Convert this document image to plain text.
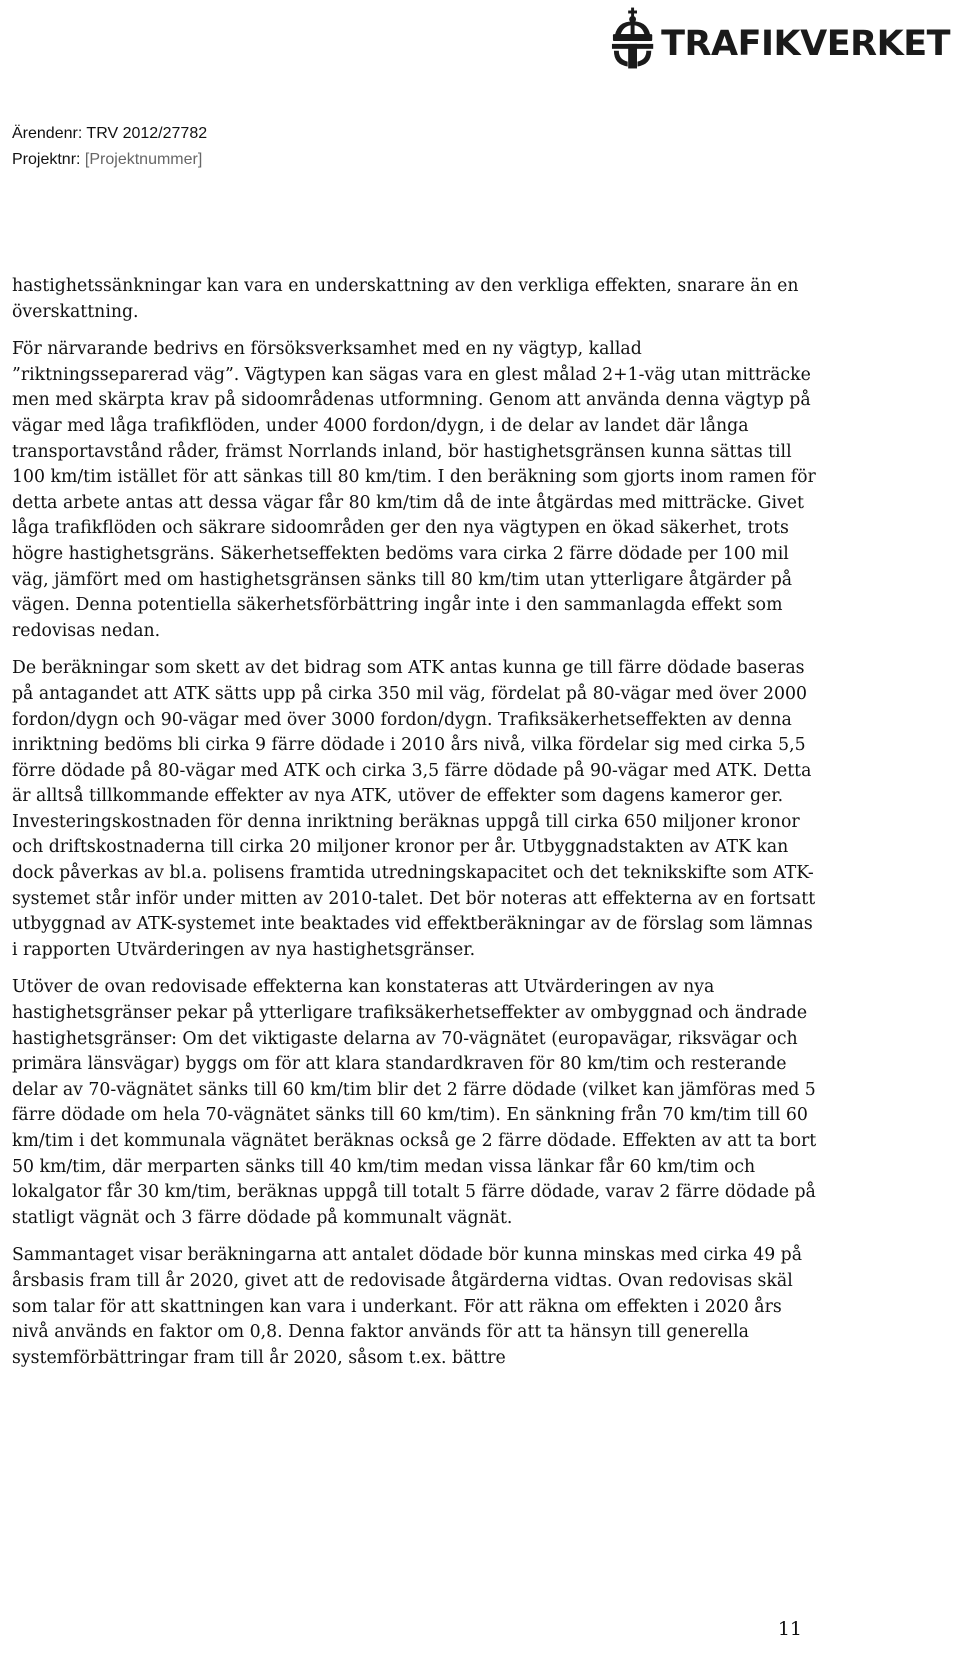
TRAFIKVERKET
Ärendenr: TRV 2012/27782
Projektnr: [Projektnummer]

hastighetssänkningar kan vara en underskattning av den verkliga effekten, snarare än en överskattning.

För närvarande bedrivs en försöksverksamhet med en ny vägtyp, kallad ”riktningsseparerad väg”. Vägtypen kan sägas vara en glest målad 2+1-väg utan mitträcke men med skärpta krav på sidoområdenas utformning. Genom att använda denna vägtyp på vägar med låga trafikflöden, under 4000 fordon/dygn, i de delar av landet där långa transportavstånd råder, främst Norrlands inland, bör hastighetsgränsen kunna sättas till 100 km/tim istället för att sänkas till 80 km/tim. I den beräkning som gjorts inom ramen för detta arbete antas att dessa vägar får 80 km/tim då de inte åtgärdas med mitträcke. Givet låga trafikflöden och säkrare sidoområden ger den nya vägtypen en ökad säkerhet, trots högre hastighetsgräns. Säkerhetseffekten bedöms vara cirka 2 färre dödade per 100 mil väg, jämfört med om hastighetsgränsen sänks till 80 km/tim utan ytterligare åtgärder på vägen. Denna potentiella säkerhetsförbättring ingår inte i den sammanlagda effekt som redovisas nedan.

De beräkningar som skett av det bidrag som ATK antas kunna ge till färre dödade baseras på antagandet att ATK sätts upp på cirka 350 mil väg, fördelat på 80-vägar med över 2000 fordon/dygn och 90-vägar med över 3000 fordon/dygn. Trafiksäkerhetseffekten av denna inriktning bedöms bli cirka 9 färre dödade i 2010 års nivå, vilka fördelar sig med cirka 5,5 förre dödade på 80-vägar med ATK och cirka 3,5 färre dödade på 90-vägar med ATK. Detta är alltså tillkommande effekter av nya ATK, utöver de effekter som dagens kameror ger. Investeringskostnaden för denna inriktning beräknas uppgå till cirka 650 miljoner kronor och driftskostnaderna till cirka 20 miljoner kronor per år. Utbyggnadstakten av ATK kan dock påverkas av bl.a. polisens framtida utredningskapacitet och det teknikskifte som ATK-systemet står inför under mitten av 2010-talet. Det bör noteras att effekterna av en fortsatt utbyggnad av ATK-systemet inte beaktades vid effektberäkningar av de förslag som lämnas i rapporten Utvärderingen av nya hastighetsgränser.

Utöver de ovan redovisade effekterna kan konstateras att Utvärderingen av nya hastighetsgränser pekar på ytterligare trafiksäkerhetseffekter av ombyggnad och ändrade hastighetsgränser: Om det viktigaste delarna av 70-vägnätet (europavägar, riksvägar och primära länsvägar) byggs om för att klara standardkraven för 80 km/tim och resterande delar av 70-vägnätet sänks till 60 km/tim blir det 2 färre dödade (vilket kan jämföras med 5 färre dödade om hela 70-vägnätet sänks till 60 km/tim). En sänkning från 70 km/tim till 60 km/tim i det kommunala vägnätet beräknas också ge 2 färre dödade. Effekten av att ta bort 50 km/tim, där merparten sänks till 40 km/tim medan vissa länkar får 60 km/tim och lokalgator får 30 km/tim, beräknas uppgå till totalt 5 färre dödade, varav 2 färre dödade på statligt vägnät och 3 färre dödade på kommunalt vägnät.

Sammantaget visar beräkningarna att antalet dödade bör kunna minskas med cirka 49 på årsbasis fram till år 2020, givet att de redovisade åtgärderna vidtas. Ovan redovisas skäl som talar för att skattningen kan vara i underkant. För att räkna om effekten i 2020 års nivå används en faktor om 0,8. Denna faktor används för att ta hänsyn till generella systemförbättringar fram till år 2020, såsom t.ex. bättre

11
